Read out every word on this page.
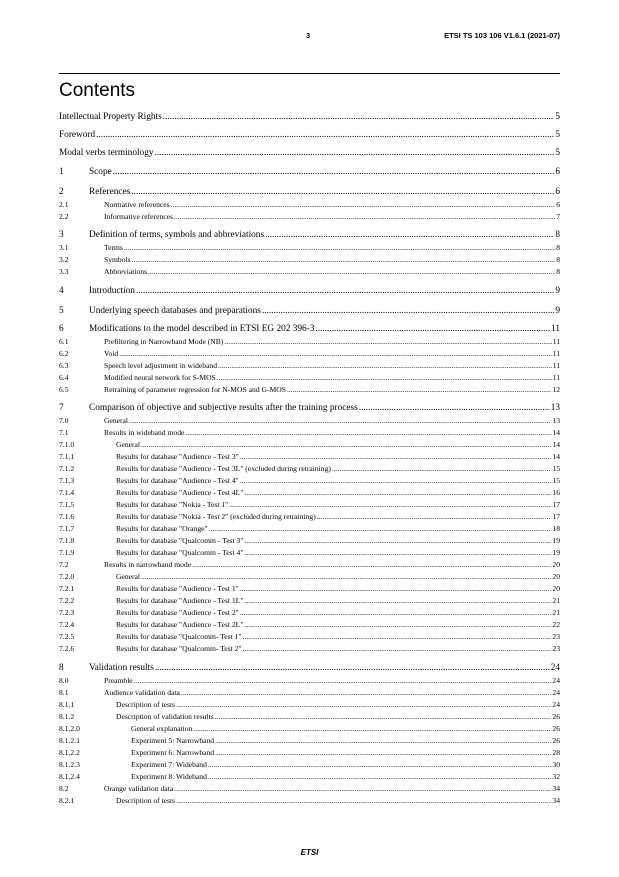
3	ETSI TS 103 106 V1.6.1 (2021-07)
Contents
Intellectual Property Rights .....	5
Foreword .....	5
Modal verbs terminology .....	5
1	Scope .....	6
2	References .....	6
2.1	Normative references .....	6
2.2	Informative references .....	7
3	Definition of terms, symbols and abbreviations .....	8
3.1	Terms .....	8
3.2	Symbols .....	8
3.3	Abbreviations .....	8
4	Introduction .....	9
5	Underlying speech databases and preparations .....	9
6	Modifications to the model described in ETSI EG 202 396-3 .....	11
6.1	Prefiltering in Narrowband Mode (NB) .....	11
6.2	Void .....	11
6.3	Speech level adjustment in wideband .....	11
6.4	Modified neural network for S-MOS .....	11
6.5	Retraining of parameter regression for N-MOS and G-MOS .....	12
7	Comparison of objective and subjective results after the training process .....	13
7.0	General .....	13
7.1	Results in wideband mode .....	14
7.1.0	General .....	14
7.1.1	Results for database "Audience - Test 3" .....	14
7.1.2	Results for database "Audience - Test 3L" (excluded during retraining) .....	15
7.1.3	Results for database "Audience - Test 4" .....	15
7.1.4	Results for database "Audience - Test 4L" .....	16
7.1.5	Results for database "Nokia - Test 1" .....	17
7.1.6	Results for database "Nokia - Test 2" (excluded during retraining) .....	17
7.1.7	Results for database "Orange" .....	18
7.1.8	Results for database "Qualcomm - Test 3" .....	19
7.1.9	Results for database "Qualcomm - Test 4" .....	19
7.2	Results in narrowband mode .....	20
7.2.0	General .....	20
7.2.1	Results for database "Audience - Test 1" .....	20
7.2.2	Results for database "Audience - Test 1L" .....	21
7.2.3	Results for database "Audience - Test 2" .....	21
7.2.4	Results for database "Audience - Test 2L" .....	22
7.2.5	Results for database "Qualcomm- Test 1" .....	23
7.2.6	Results for database "Qualcomm- Test 2" .....	23
8	Validation results .....	24
8.0	Preamble .....	24
8.1	Audience validation data .....	24
8.1.1	Description of tests .....	24
8.1.2	Description of validation results .....	26
8.1.2.0	General explanation .....	26
8.1.2.1	Experiment 5: Narrowband .....	26
8.1.2.2	Experiment 6: Narrowband .....	28
8.1.2.3	Experiment 7: Wideband .....	30
8.1.2.4	Experiment 8: Wideband .....	32
8.2	Orange validation data .....	34
8.2.1	Description of tests .....	34
ETSI
